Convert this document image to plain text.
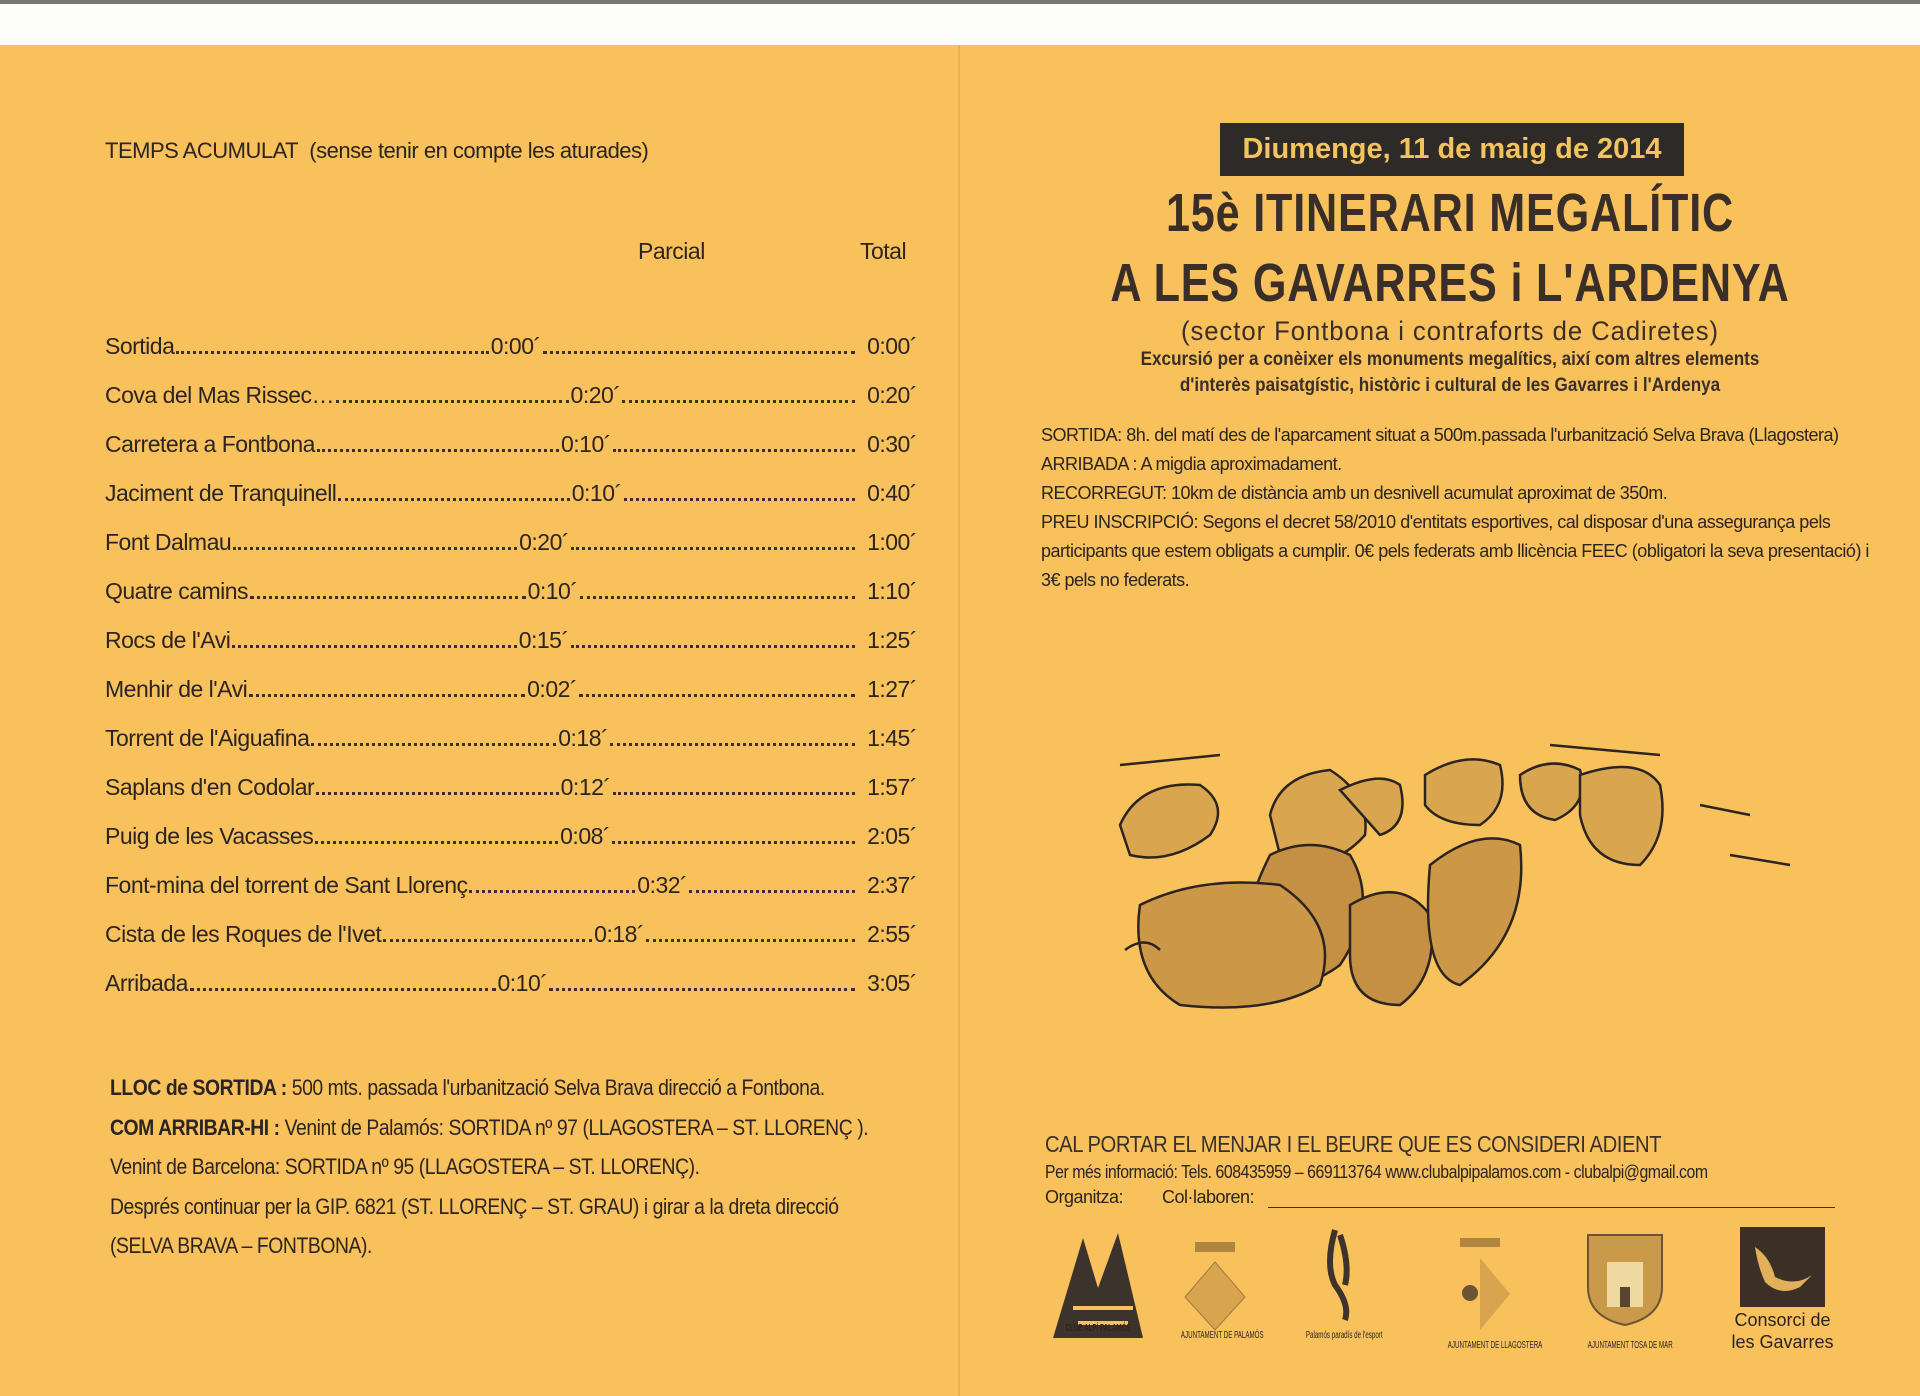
TEMPS ACUMULAT (sense tenir en compte les aturades)
Parcial	Total
Sortida	0:00´	0:00´
Cova del Mas Rissec…	0:20´	0:20´
Carretera a Fontbona	0:10´	0:30´
Jaciment de Tranquinell	0:10´	0:40´
Font Dalmau	0:20´	1:00´
Quatre camins	0:10´	1:10´
Rocs de l'Avi	0:15´	1:25´
Menhir de l'Avi	0:02´	1:27´
Torrent de l'Aiguafina	0:18´	1:45´
Saplans d'en Codolar	0:12´	1:57´
Puig de les Vacasses	0:08´	2:05´
Font-mina del torrent de Sant Llorenç	0:32´	2:37´
Cista de les Roques de l'Ivet	0:18´	2:55´
Arribada	0:10´	3:05´
LLOC de SORTIDA : 500 mts. passada l'urbanització Selva Brava direcció a Fontbona.
COM ARRIBAR-HI : Venint de Palamós: SORTIDA nº 97 (LLAGOSTERA – ST. LLORENÇ ).
Venint de Barcelona: SORTIDA nº 95 (LLAGOSTERA – ST. LLORENÇ).
Després continuar per la GIP. 6821 (ST. LLORENÇ – ST. GRAU) i girar a la dreta direcció
(SELVA BRAVA – FONTBONA).
Diumenge, 11 de maig de 2014
15è ITINERARI MEGALÍTIC
A LES GAVARRES i L'ARDENYA
(sector Fontbona i contraforts de Cadiretes)
Excursió per a conèixer els monuments megalítics, així com altres elements
d'interès paisatgístic, històric i cultural de les Gavarres i l'Ardenya
SORTIDA: 8h. del matí des de l'aparcament situat a 500m.passada l'urbanització Selva Brava (Llagostera)
ARRIBADA : A migdia aproximadament.
RECORREGUT: 10km de distància amb un desnivell acumulat aproximat de 350m.
PREU INSCRIPCIÓ: Segons el decret 58/2010 d'entitats esportives, cal disposar d'una assegurança pels participants que estem obligats a cumplir. 0€ pels federats amb llicència FEEC (obligatori la seva presentació) i 3€ pels no federats.
CAL PORTAR EL MENJAR I EL BEURE QUE ES CONSIDERI ADIENT
Per més informació: Tels. 608435959 – 669113764 www.clubalpipalamos.com - clubalpi@gmail.com
Organitza: Col·laboren:
CLUB ALPÍ PALAMÓS
AJUNTAMENT DE PALAMÓS	Palamós paradís de l'esport
AJUNTAMENT DE LLAGOSTERA	AJUNTAMENT TOSA DE MAR
Consorci de les Gavarres
